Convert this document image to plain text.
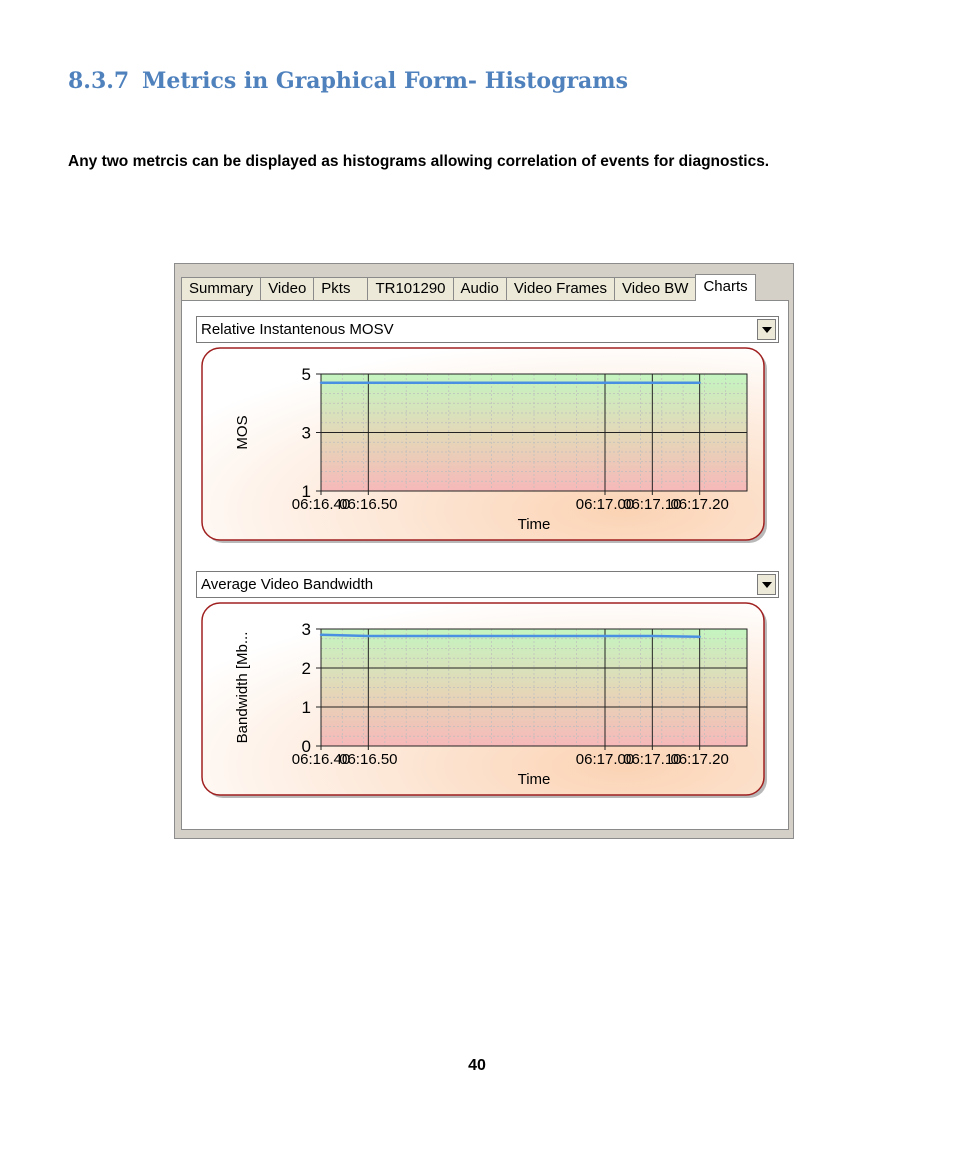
8.3.7 Metrics in Graphical Form- Histograms

Any two metrcis can be displayed as histograms allowing correlation of events for diagnostics.

Summary	Video	Pkts	TR101290	Audio	Video Frames	Video BW	Charts
Relative Instantenous MOSV
06:16.40
06:16.50	06:17.00
06:17.10
06:17.20
1
3
5
Time
MOS
Average Video Bandwidth
06:16.40
06:16.50	06:17.00
06:17.10
06:17.20
0
1
2
3
Time
Bandwidth [Mb...
40
